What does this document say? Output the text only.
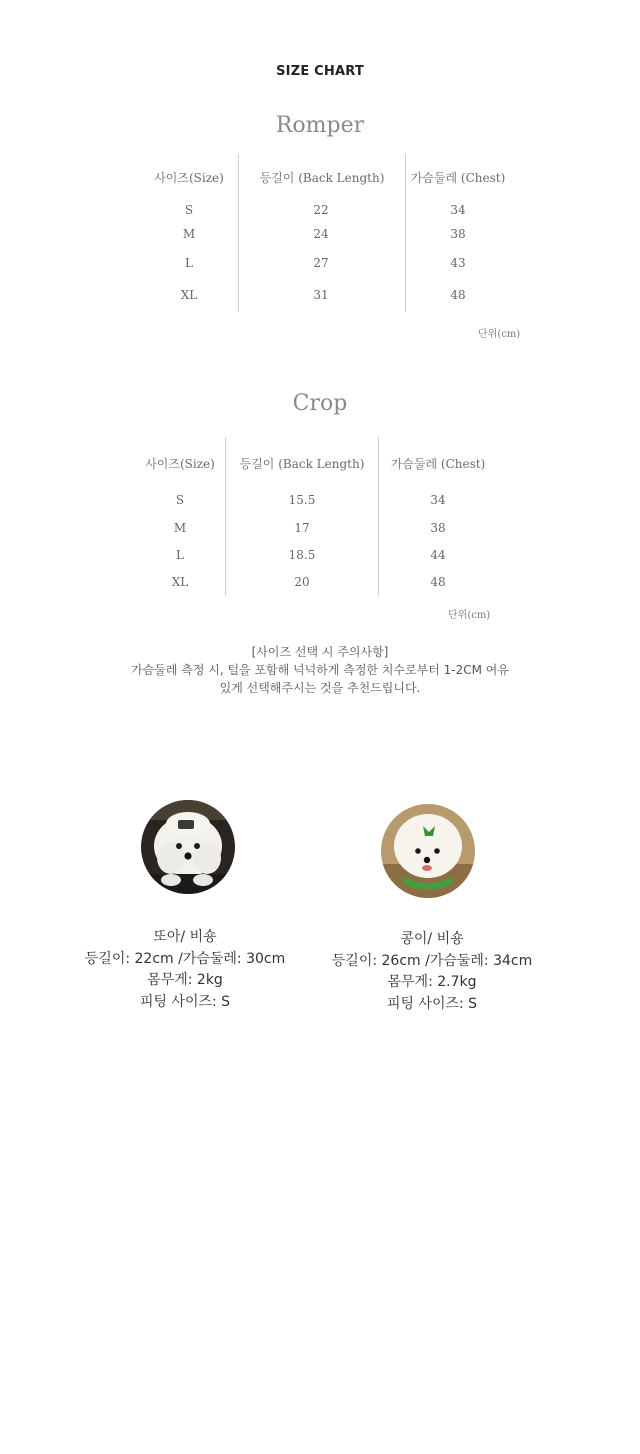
SIZE CHART
Romper
사이즈(Size)	등길이 (Back Length)	가슴둘레 (Chest)
S	22	34
M	24	38
L	27	43
XL	31	48
단위(cm)
Crop
사이즈(Size)	등길이 (Back Length)	가슴둘레 (Chest)
S	15.5	34
M	17	38
L	18.5	44
XL	20	48
단위(cm)
[사이즈 선택 시 주의사항]
가슴둘레 측정 시, 털을 포함해 넉넉하게 측정한 치수로부터 1-2CM 여유
있게 선택해주시는 것을 추천드립니다.
또아/ 비숑
등길이: 22cm /가슴둘레: 30cm
몸무게: 2kg
피팅 사이즈: S
콩이/ 비숑
등길이: 26cm /가슴둘레: 34cm
몸무게: 2.7kg
피팅 사이즈: S
